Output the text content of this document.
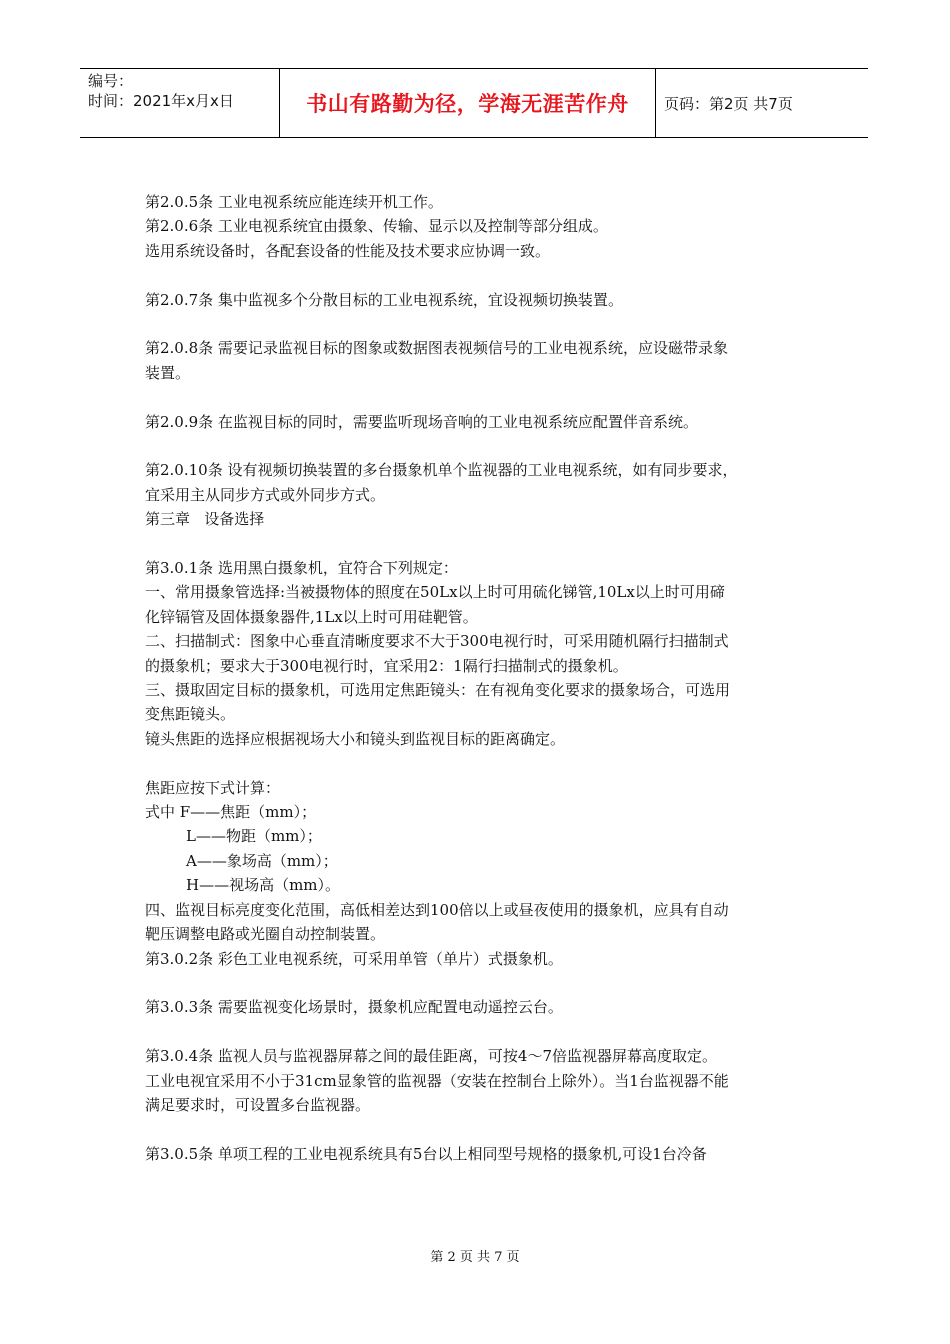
编号：
时间：2021年x月x日	书山有路勤为径，学海无涯苦作舟	页码：第2页 共7页

第2.0.5条 工业电视系统应能连续开机工作。

第2.0.6条 工业电视系统宜由摄象、传输、显示以及控制等部分组成。

选用系统设备时，各配套设备的性能及技术要求应协调一致。

第2.0.7条 集中监视多个分散目标的工业电视系统，宜设视频切换装置。

第2.0.8条 需要记录监视目标的图象或数据图表视频信号的工业电视系统，应设磁带录象

装置。

第2.0.9条 在监视目标的同时，需要监听现场音响的工业电视系统应配置伴音系统。

第2.0.10条 设有视频切换装置的多台摄象机单个监视器的工业电视系统，如有同步要求，

宜采用主从同步方式或外同步方式。

第三章   设备选择

第3.0.1条 选用黑白摄象机，宜符合下列规定：

一、常用摄象管选择:当被摄物体的照度在50Lx以上时可用硫化锑管,10Lx以上时可用碲

化锌镉管及固体摄象器件,1Lx以上时可用硅靶管。

二、扫描制式：图象中心垂直清晰度要求不大于300电视行时，可采用随机隔行扫描制式

的摄象机；要求大于300电视行时，宜采用2：1隔行扫描制式的摄象机。

三、摄取固定目标的摄象机，可选用定焦距镜头：在有视角变化要求的摄象场合，可选用

变焦距镜头。

镜头焦距的选择应根据视场大小和镜头到监视目标的距离确定。

焦距应按下式计算：

式中 F——焦距（mm）；

L——物距（mm）；

A——象场高（mm）；

H——视场高（mm）。

四、监视目标亮度变化范围，高低相差达到100倍以上或昼夜使用的摄象机，应具有自动

靶压调整电路或光圈自动控制装置。

第3.0.2条 彩色工业电视系统，可采用单管（单片）式摄象机。

第3.0.3条 需要监视变化场景时，摄象机应配置电动遥控云台。

第3.0.4条 监视人员与监视器屏幕之间的最佳距离，可按4～7倍监视器屏幕高度取定。

工业电视宜采用不小于31cm显象管的监视器（安装在控制台上除外）。当1台监视器不能

满足要求时，可设置多台监视器。

第3.0.5条 单项工程的工业电视系统具有5台以上相同型号规格的摄象机,可设1台冷备

第 2 页 共 7 页
